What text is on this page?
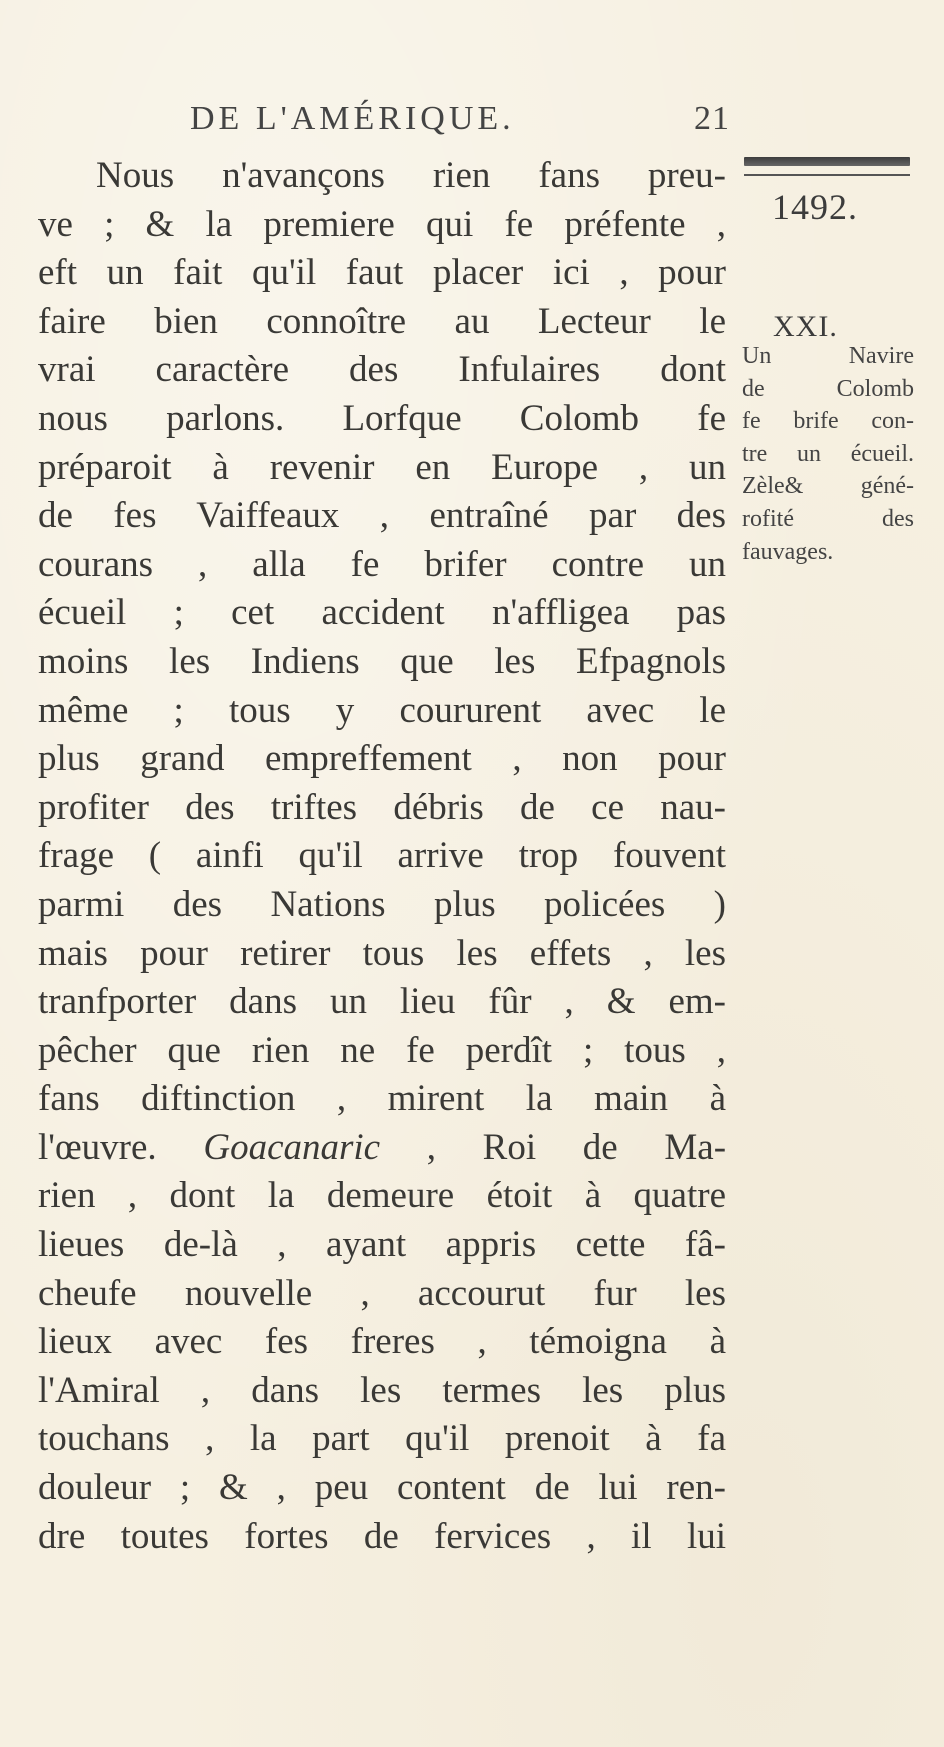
DE L'AMÉRIQUE.	21
1492.
XXI.
Un Navire
de Colomb
fe brife con-
tre un écueil.
Zèle& géné-
rofité des
fauvages.
Nous n'avançons rien fans preu-
ve ; & la premiere qui fe préfente ,
eft un fait qu'il faut placer ici , pour
faire bien connoître au Lecteur le
vrai caractère des Infulaires dont
nous parlons. Lorfque Colomb fe
préparoit à revenir en Europe , un
de fes Vaiffeaux , entraîné par des
courans , alla fe brifer contre un
écueil ; cet accident n'affligea pas
moins les Indiens que les Efpagnols
même ; tous y coururent avec le
plus grand empreffement , non pour
profiter des triftes débris de ce nau-
frage ( ainfi qu'il arrive trop fouvent
parmi des Nations plus policées )
mais pour retirer tous les effets , les
tranfporter dans un lieu fûr , & em-
pêcher que rien ne fe perdît ; tous ,
fans diftinction , mirent la main à
l'œuvre. Goacanaric , Roi de Ma-
rien , dont la demeure étoit à quatre
lieues de-là , ayant appris cette fâ-
cheufe nouvelle , accourut fur les
lieux avec fes freres , témoigna à
l'Amiral , dans les termes les plus
touchans , la part qu'il prenoit à fa
douleur ; & , peu content de lui ren-
dre toutes fortes de fervices , il lui
